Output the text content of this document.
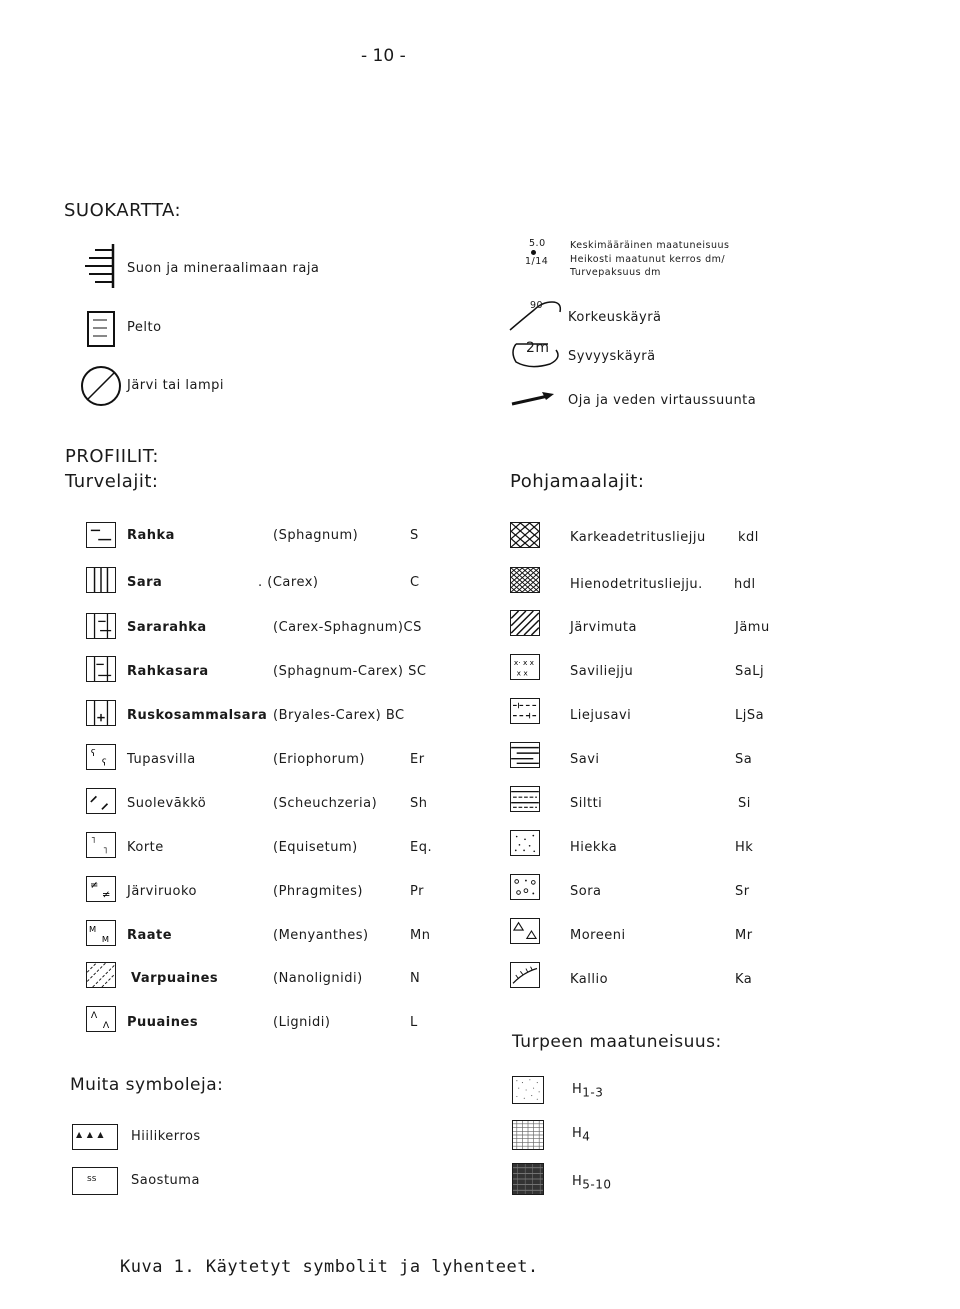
- 10 -
SUOKARTTA:
Suon ja mineraalimaan raja
Pelto
Järvi tai lampi
5.0
1/14
Keskimääräinen maatuneisuus
Heikosti maatunut kerros dm/
Turvepaksuus dm
90
Korkeuskäyrä
2m
Syvyyskäyrä
Oja ja veden virtaussuunta
PROFIILIT:
Turvelajit:	Pohjamaalajit:
Rahka	(Sphagnum)	S
Sara	. (Carex)	C
Sararahka	(Carex-Sphagnum)CS
Rahkasara	(Sphagnum-Carex) SC
Ruskosammalsara (Bryales-Carex) BC
ʕ
ʕ Tupasvilla	(Eriophorum)	Er
Suolevākkö	(Scheuchzeria)	Sh
˥
˥ Korte	(Equisetum)	Eq.
≠
≠ Järviruoko	(Phragmites)	Pr
M
M Raate	(Menyanthes)	Mn
Varpuaines	(Nanolignidi)	N
Λ
Λ Puuaines	(Lignidi)	L
Karkeadetritusliejju kdl
Hienodetritusliejju. hdl
Järvimuta	Jämu
x· x x
x x	Saviliejju	SaLj
Liejusavi	LjSa
Savi	Sa
Siltti	Si
Hiekka	Hk
Sora	Sr
Moreeni	Mr
Kallio	Ka
Turpeen maatuneisuus:
$H_{1-3}$
$H_4$
$H_{5-10}$
Muita symboleja:
▲ ▲ ▲ Hiilikerros
ss	Saostuma
Kuva 1. Käytetyt symbolit ja lyhenteet.
